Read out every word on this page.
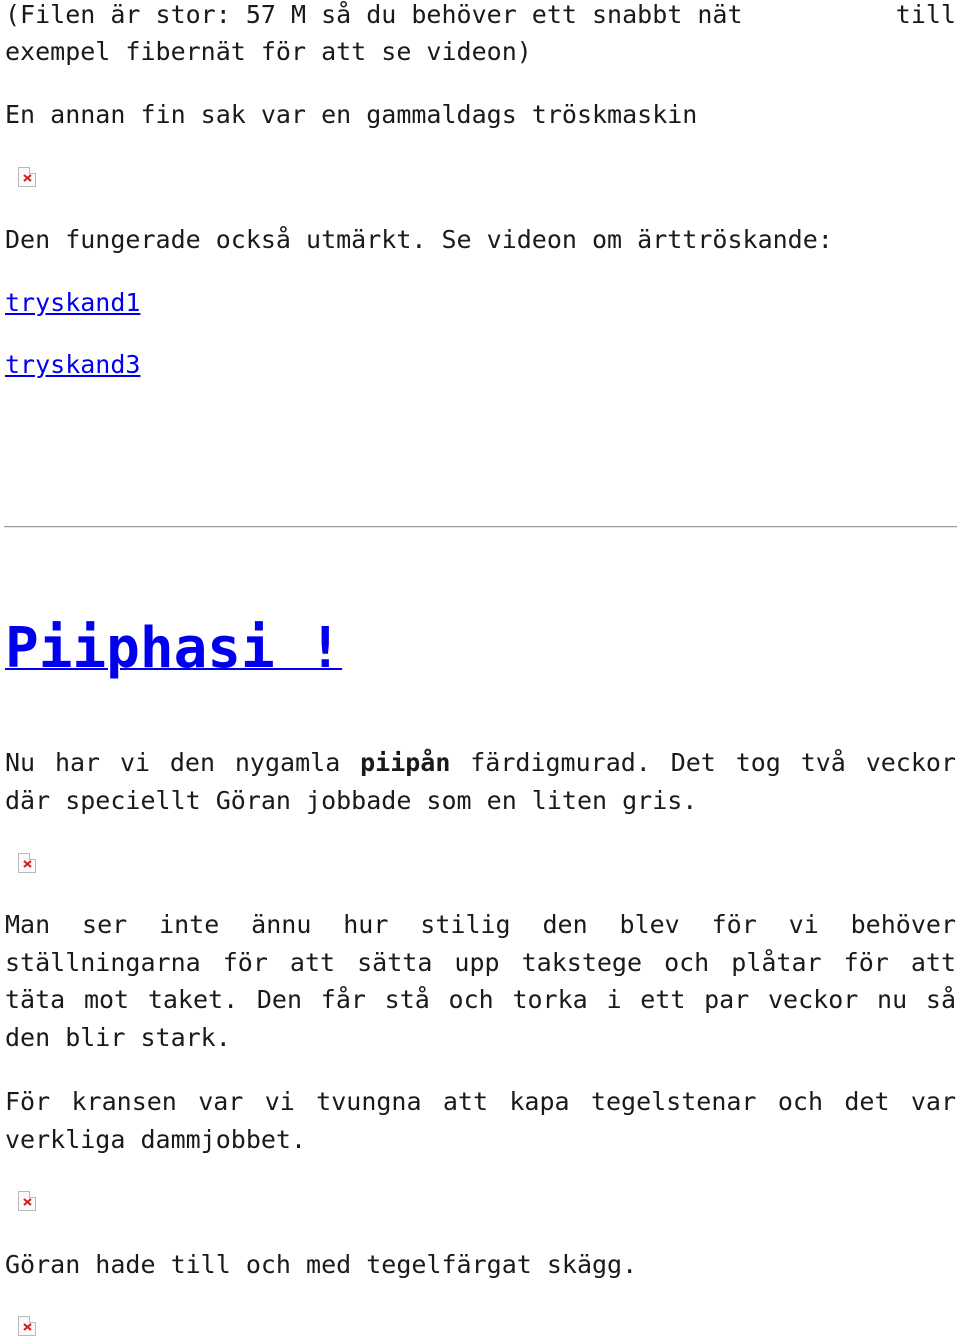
(Filen är stor: 57 M så du behöver ett snabbt nät	till
exempel fibernät för att se videon)
En annan fin sak var en gammaldags tröskmaskin
Den fungerade också utmärkt. Se videon om ärttröskande:
tryskand1
tryskand3
Piiphasi !
Nu har vi den nygamla piipån färdigmurad. Det tog två veckor där speciellt Göran jobbade som en liten gris.
Man ser inte ännu hur stilig den blev för vi behöver ställningarna för att sätta upp takstege och plåtar för att täta mot taket. Den får stå och torka i ett par veckor nu så den blir stark.
För kransen var vi tvungna att kapa tegelstenar och det var verkliga dammjobbet.
Göran hade till och med tegelfärgat skägg.
